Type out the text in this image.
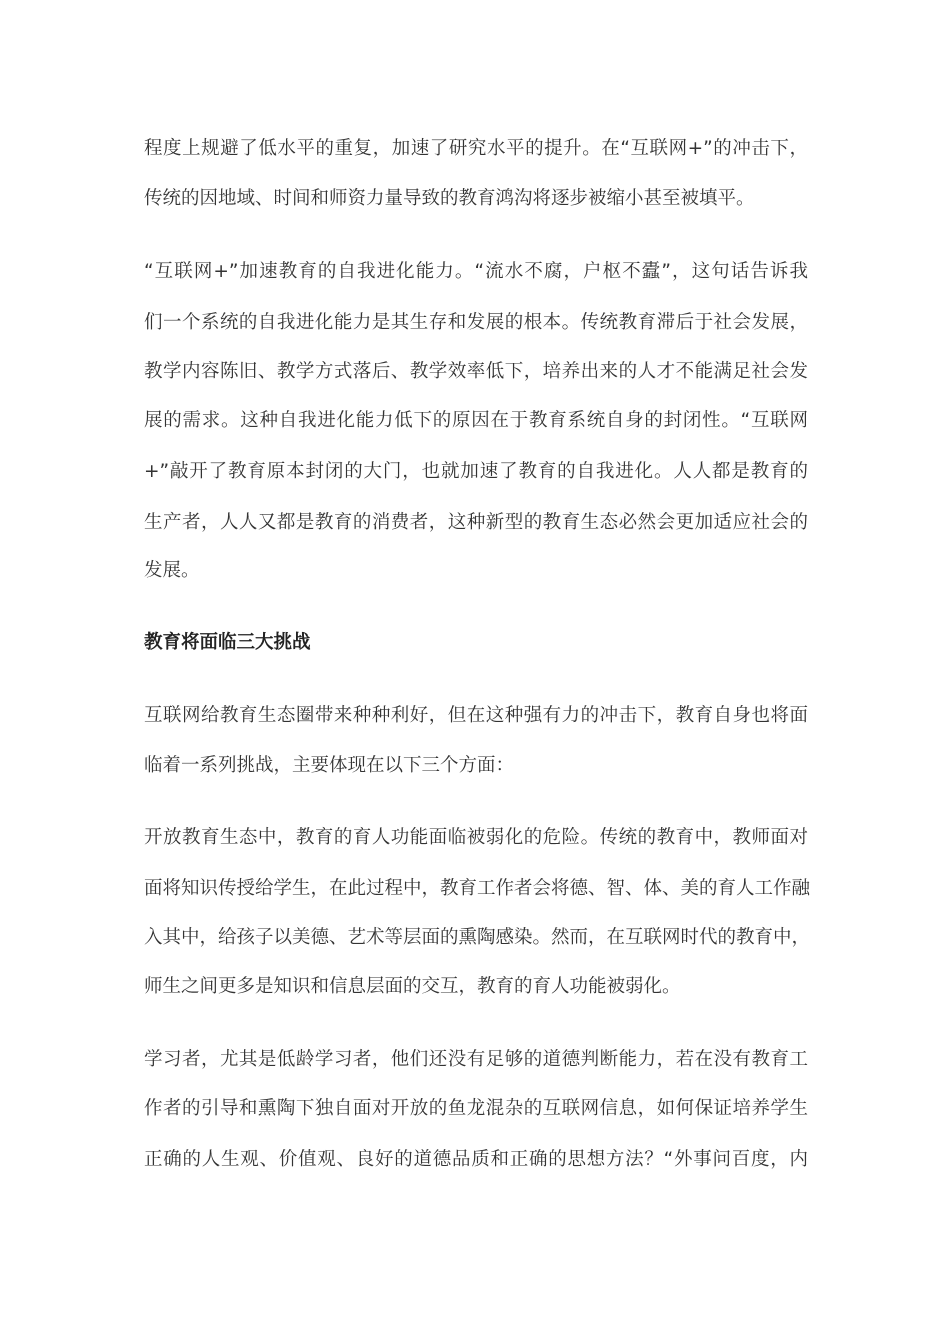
程度上规避了低水平的重复，加速了研究水平的提升。在“互联网+”的冲击下，
传统的因地域、时间和师资力量导致的教育鸿沟将逐步被缩小甚至被填平。
“互联网+”加速教育的自我进化能力。“流水不腐，户枢不蠹”，这句话告诉我
们一个系统的自我进化能力是其生存和发展的根本。传统教育滞后于社会发展，
教学内容陈旧、教学方式落后、教学效率低下，培养出来的人才不能满足社会发
展的需求。这种自我进化能力低下的原因在于教育系统自身的封闭性。“互联网
+”敲开了教育原本封闭的大门，也就加速了教育的自我进化。人人都是教育的
生产者，人人又都是教育的消费者，这种新型的教育生态必然会更加适应社会的
发展。
教育将面临三大挑战
互联网给教育生态圈带来种种利好，但在这种强有力的冲击下，教育自身也将面
临着一系列挑战，主要体现在以下三个方面：
开放教育生态中，教育的育人功能面临被弱化的危险。传统的教育中，教师面对
面将知识传授给学生，在此过程中，教育工作者会将德、智、体、美的育人工作融
入其中，给孩子以美德、艺术等层面的熏陶感染。然而，在互联网时代的教育中，
师生之间更多是知识和信息层面的交互，教育的育人功能被弱化。
学习者，尤其是低龄学习者，他们还没有足够的道德判断能力，若在没有教育工
作者的引导和熏陶下独自面对开放的鱼龙混杂的互联网信息，如何保证培养学生
正确的人生观、价值观、良好的道德品质和正确的思想方法？“外事问百度，内
